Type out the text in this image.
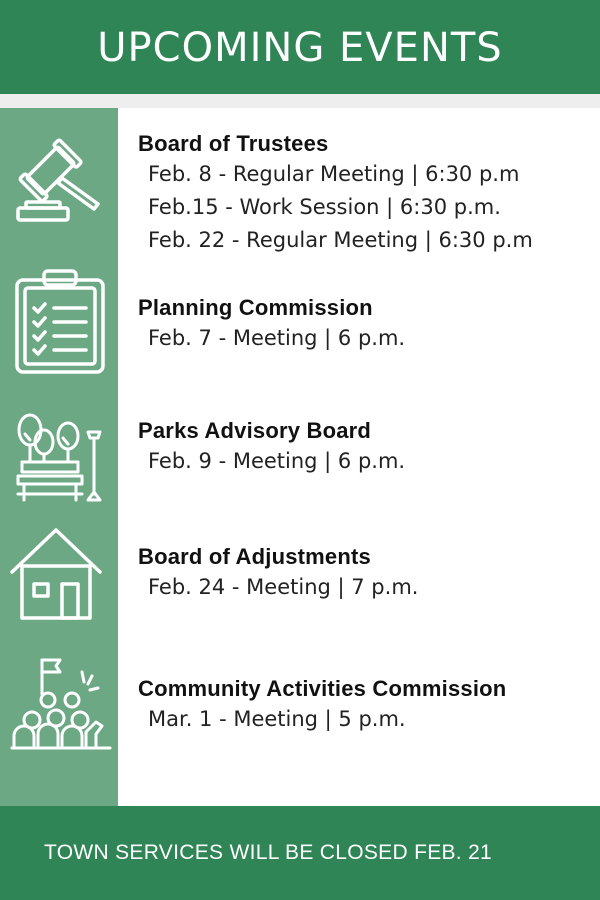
UPCOMING EVENTS
Board of Trustees
Feb. 8 - Regular Meeting | 6:30 p.m
Feb.15 - Work Session | 6:30 p.m.
Feb. 22 - Regular Meeting | 6:30 p.m
Planning Commission
Feb. 7 - Meeting | 6 p.m.
Parks Advisory Board
Feb. 9 - Meeting | 6 p.m.
Board of Adjustments
Feb. 24 - Meeting | 7 p.m.
Community Activities Commission
Mar. 1 - Meeting | 5 p.m.
TOWN SERVICES WILL BE CLOSED FEB. 21
